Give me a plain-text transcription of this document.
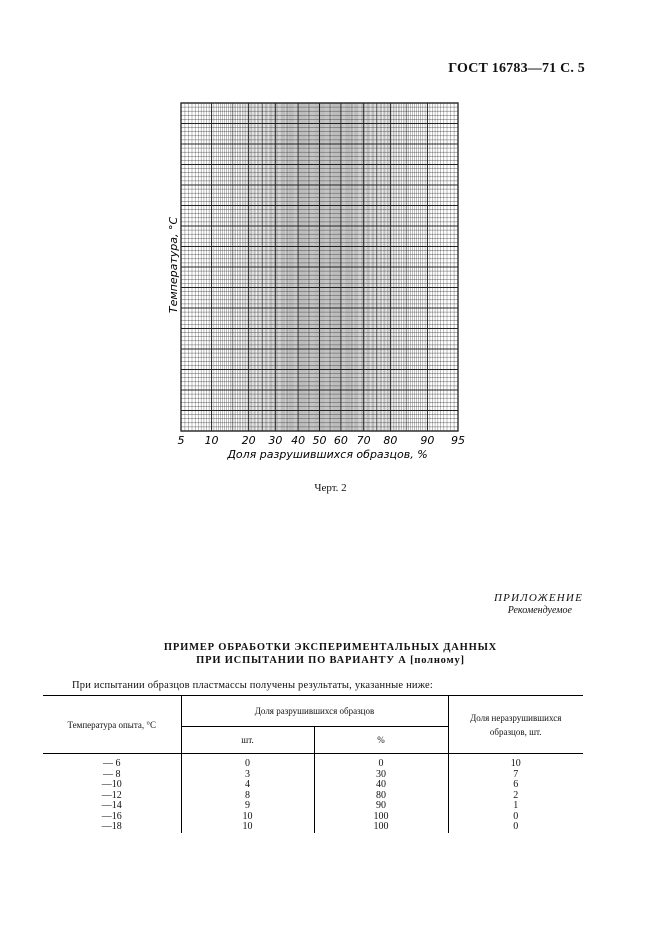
ГОСТ 16783—71 С. 5
5 10 20 30 40 50 60 70 80 90 95
Доля разрушившихся образцов, %
Температура, °С
Черт. 2
ПРИЛОЖЕНИЕ
Рекомендуемое
ПРИМЕР ОБРАБОТКИ ЭКСПЕРИМЕНТАЛЬНЫХ ДАННЫХ
ПРИ ИСПЫТАНИИ ПО ВАРИАНТУ А [полному]
При испытании образцов пластмассы получены результаты, указанные ниже:
Температура опыта, °С	Доля разрушившихся образцов		Доля неразрушившихся образцов, шт.
	шт.	%	
— 6	0	0	10
— 8	3	30	7
—10	4	40	6
—12	8	80	2
—14	9	90	1
—16	10	100	0
—18	10	100	0
